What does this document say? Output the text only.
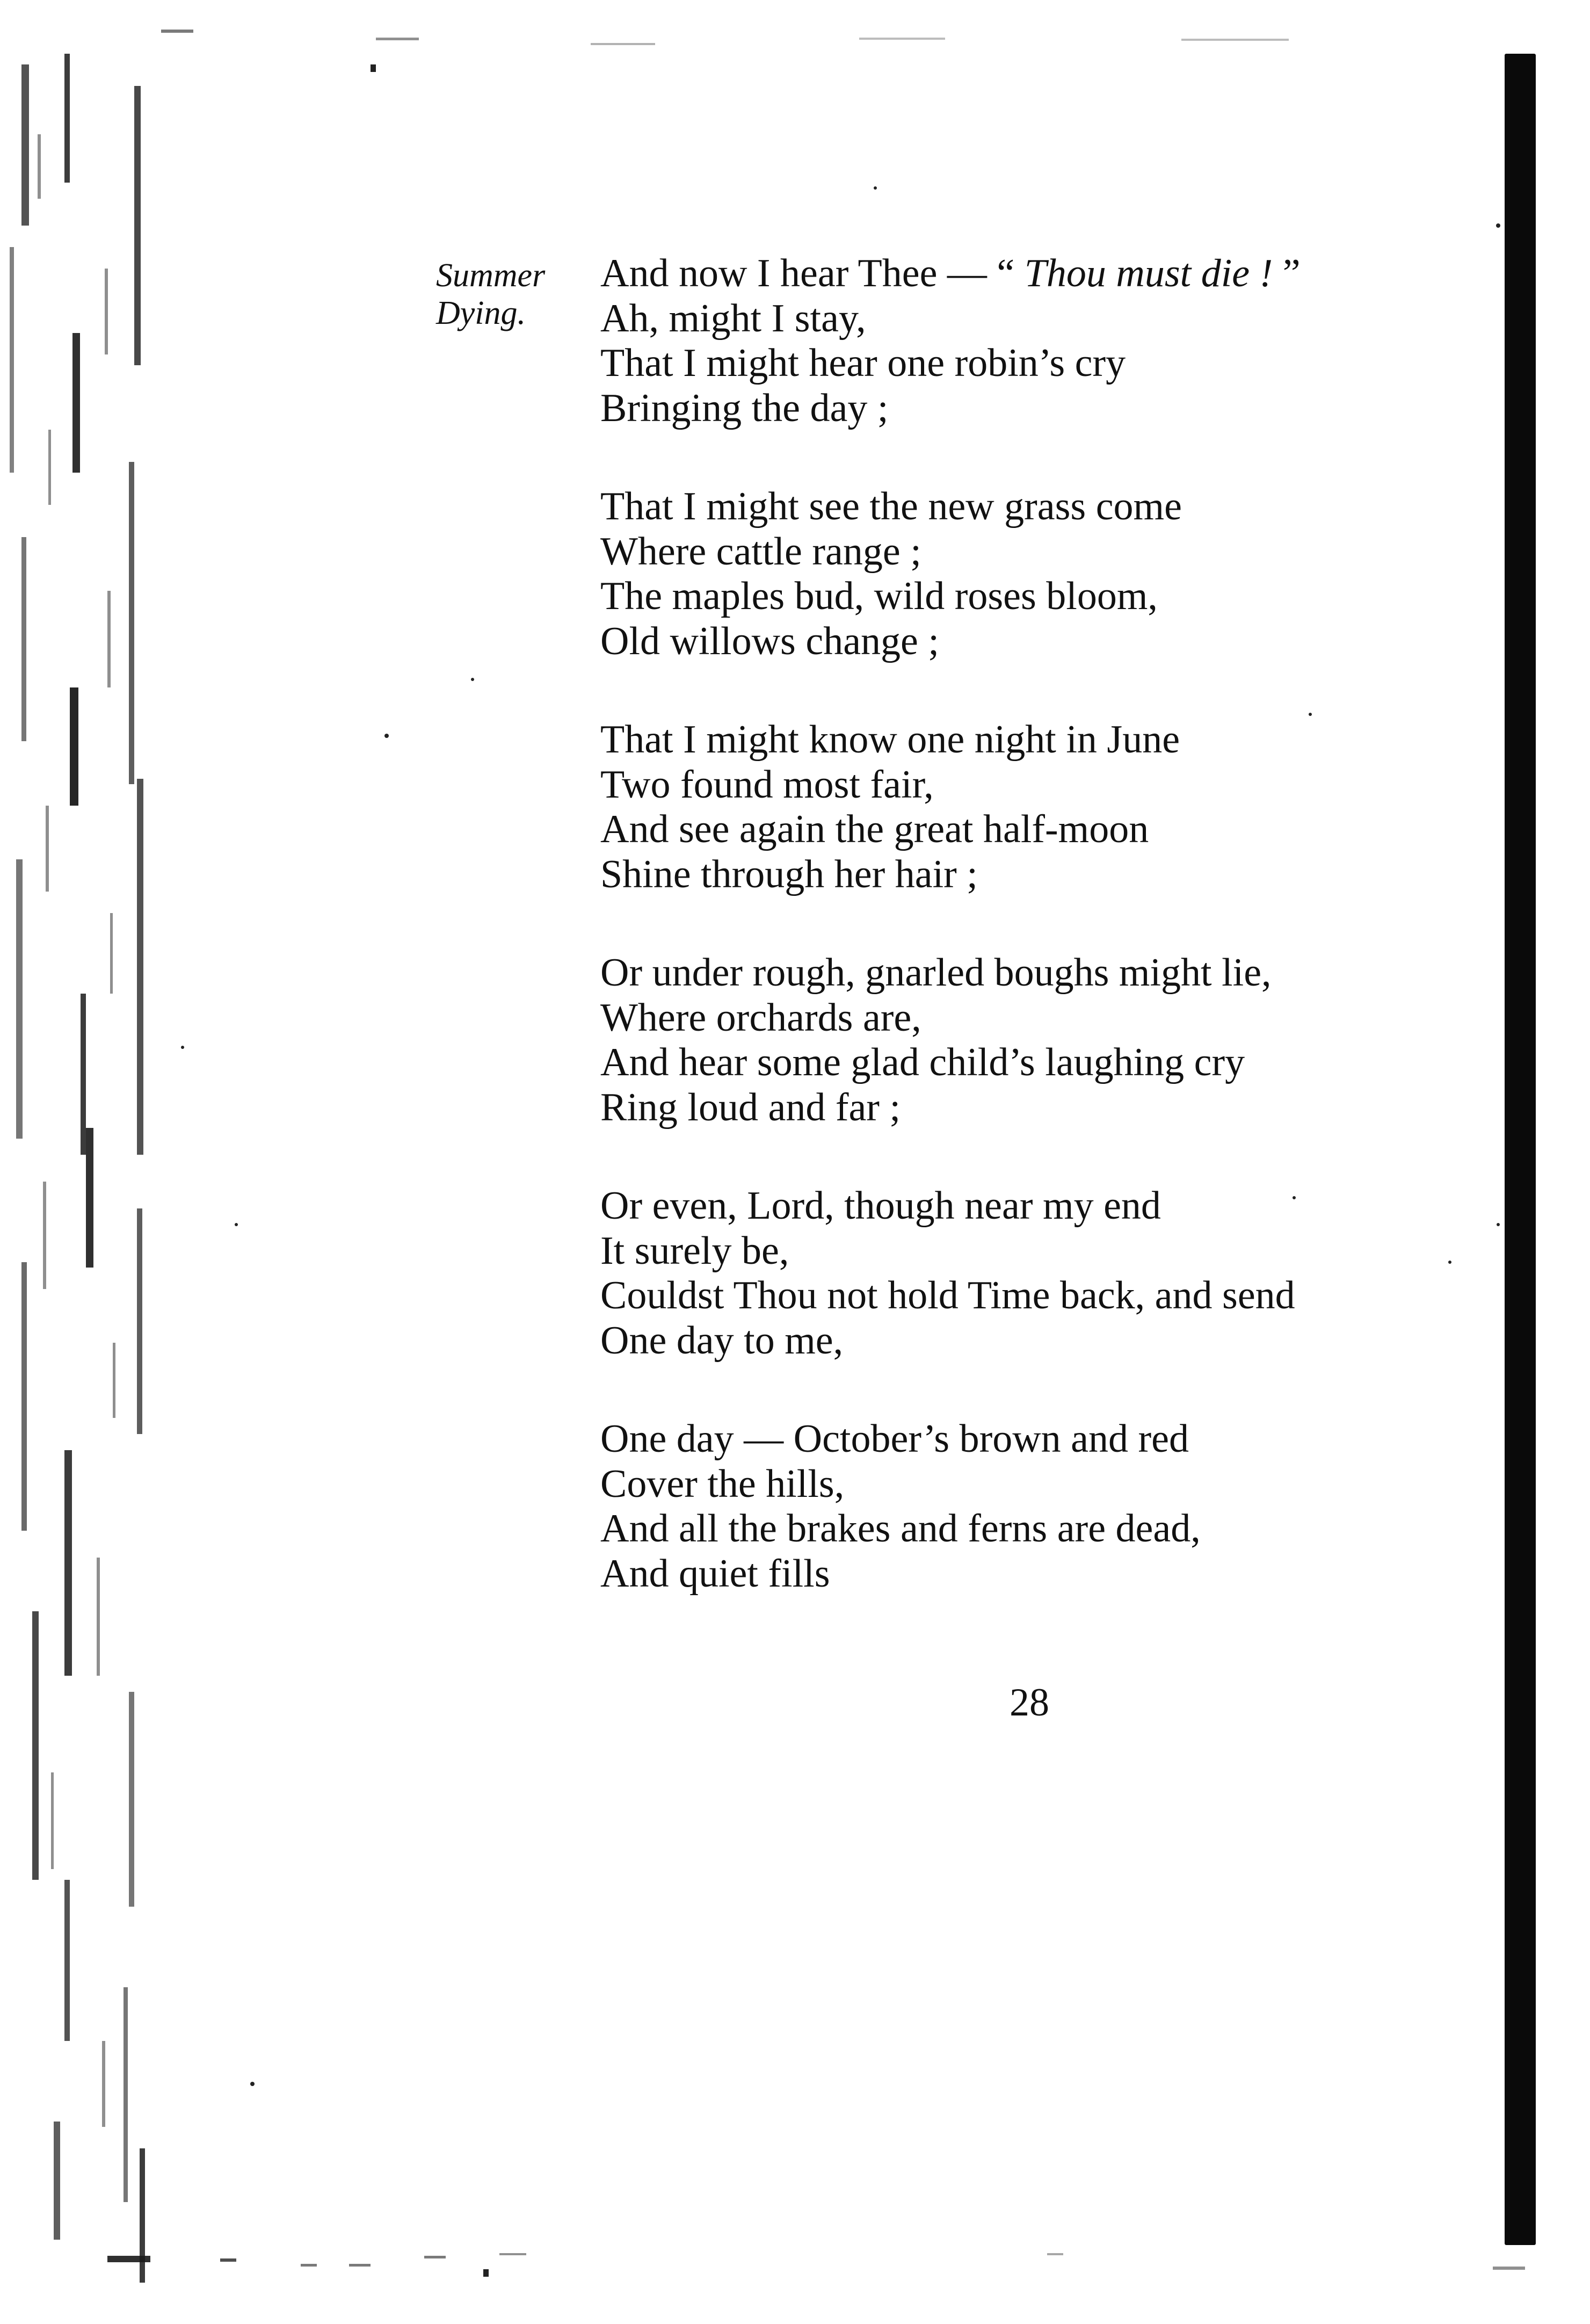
Summer
Dying.
And now I hear Thee — “ Thou must die ! ”
Ah, might I stay,
That I might hear one robin’s cry
Bringing the day ;
That I might see the new grass come
Where cattle range ;
The maples bud, wild roses bloom,
Old willows change ;
That I might know one night in June
Two found most fair,
And see again the great half-moon
Shine through her hair ;
Or under rough, gnarled boughs might lie,
Where orchards are,
And hear some glad child’s laughing cry
Ring loud and far ;
Or even, Lord, though near my end
It surely be,
Couldst Thou not hold Time back, and send
One day to me,
One day — October’s brown and red
Cover the hills,
And all the brakes and ferns are dead,
And quiet fills
28
